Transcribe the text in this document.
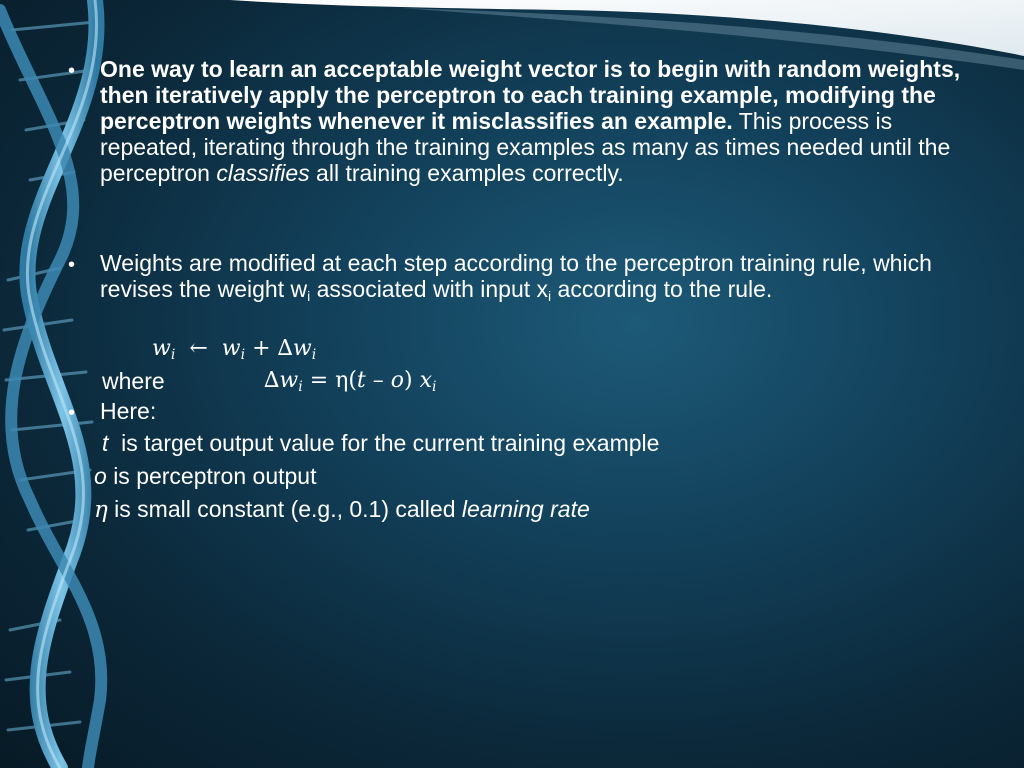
• One way to learn an acceptable weight vector is to begin with random weights, then iteratively apply the perceptron to each training example, modifying the perceptron weights whenever it misclassifies an example. This process is repeated, iterating through the training examples as many as times needed until the perceptron classifies all training examples correctly.
• Weights are modified at each step according to the perceptron training rule, which revises the weight $w_i$ associated with input $x_i$ according to the rule.
$w_i$ ← $w_i + \Delta w_i$
where	$\Delta w_i = \eta(t - o)$ $x_i$
• Here:
t is target output value for the current training example
o is perceptron output
η is small constant (e.g., 0.1) called learning rate
